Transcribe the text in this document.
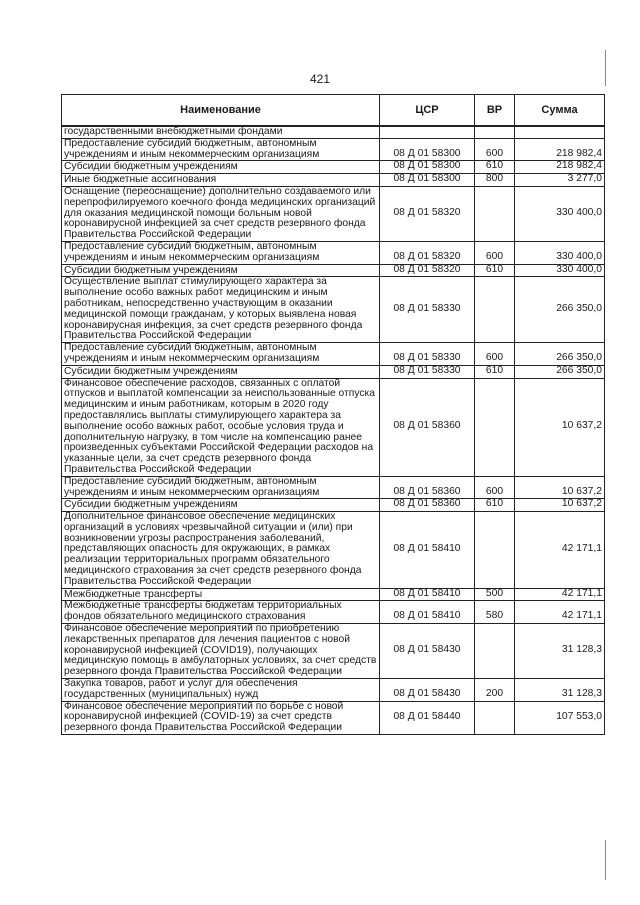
421
Наименование	ЦСР	ВР	Сумма
государственными внебюджетными фондами			
Предоставление субсидий бюджетным, автономным учреждениям и иным некоммерческим организациям	08 Д 01 58300	600	218 982,4
Субсидии бюджетным учреждениям	08 Д 01 58300	610	218 982,4
Иные бюджетные ассигнования	08 Д 01 58300	800	3 277,0
Оснащение (переоснащение) дополнительно создаваемого или перепрофилируемого коечного фонда медицинских организаций для оказания медицинской помощи больным новой коронавирусной инфекцией за счет средств резервного фонда Правительства Российской Федерации	08 Д 01 58320		330 400,0
Предоставление субсидий бюджетным, автономным учреждениям и иным некоммерческим организациям	08 Д 01 58320	600	330 400,0
Субсидии бюджетным учреждениям	08 Д 01 58320	610	330 400,0
Осуществление выплат стимулирующего характера за выполнение особо важных работ медицинским и иным работникам, непосредственно участвующим в оказании медицинской помощи гражданам, у которых выявлена новая коронавирусная инфекция, за счет средств резервного фонда Правительства Российской Федерации	08 Д 01 58330		266 350,0
Предоставление субсидий бюджетным, автономным учреждениям и иным некоммерческим организациям	08 Д 01 58330	600	266 350,0
Субсидии бюджетным учреждениям	08 Д 01 58330	610	266 350,0
Финансовое обеспечение расходов, связанных с оплатой отпусков и выплатой компенсации за неиспользованные отпуска медицинским и иным работникам, которым в 2020 году предоставлялись выплаты стимулирующего характера за выполнение особо важных работ, особые условия труда и дополнительную нагрузку, в том числе на компенсацию ранее произведенных субъектами Российской Федерации расходов на указанные цели, за счет средств резервного фонда Правительства Российской Федерации	08 Д 01 58360		10 637,2
Предоставление субсидий бюджетным, автономным учреждениям и иным некоммерческим организациям	08 Д 01 58360	600	10 637,2
Субсидии бюджетным учреждениям	08 Д 01 58360	610	10 637,2
Дополнительное финансовое обеспечение медицинских организаций в условиях чрезвычайной ситуации и (или) при возникновении угрозы распространения заболеваний, представляющих опасность для окружающих, в рамках реализации территориальных программ обязательного медицинского страхования за счет средств резервного фонда Правительства Российской Федерации	08 Д 01 58410		42 171,1
Межбюджетные трансферты	08 Д 01 58410	500	42 171,1
Межбюджетные трансферты бюджетам территориальных фондов обязательного медицинского страхования	08 Д 01 58410	580	42 171,1
Финансовое обеспечение мероприятий по приобретению лекарственных препаратов для лечения пациентов с новой коронавирусной инфекцией (COVID19), получающих медицинскую помощь в амбулаторных условиях, за счет средств резервного фонда Правительства Российской Федерации	08 Д 01 58430		31 128,3
Закупка товаров, работ и услуг для обеспечения государственных (муниципальных) нужд	08 Д 01 58430	200	31 128,3
Финансовое обеспечение мероприятий по борьбе с новой коронавирусной инфекцией (COVID-19) за счет средств резервного фонда Правительства Российской Федерации	08 Д 01 58440		107 553,0
